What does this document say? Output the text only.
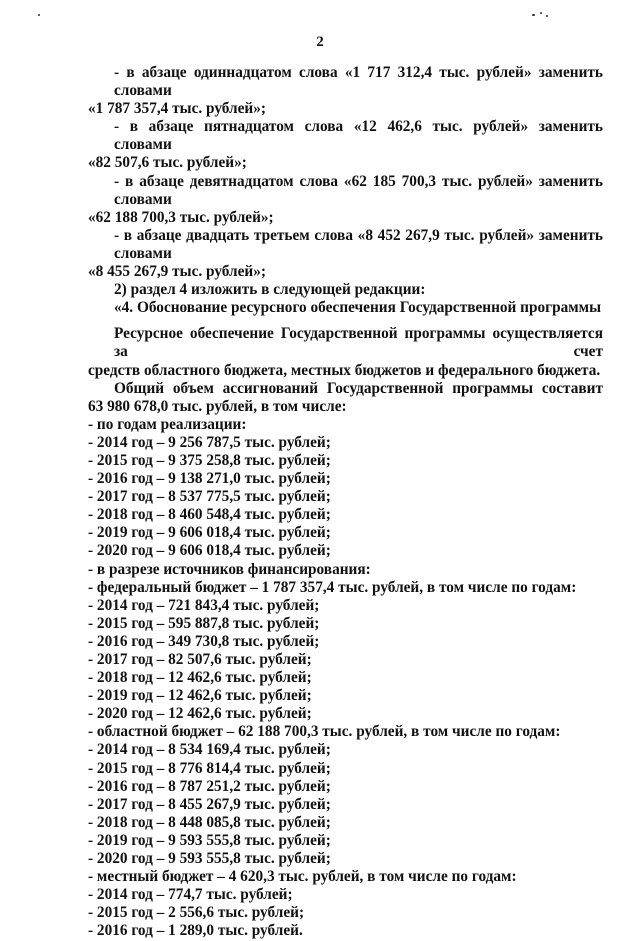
2
- в абзаце одиннадцатом слова «1 717 312,4 тыс. рублей» заменить словами
«1 787 357,4 тыс. рублей»;
- в абзаце пятнадцатом слова «12 462,6 тыс. рублей» заменить словами
«82 507,6 тыс. рублей»;
- в абзаце девятнадцатом слова «62 185 700,3 тыс. рублей» заменить словами
«62 188 700,3 тыс. рублей»;
- в абзаце двадцать третьем слова «8 452 267,9 тыс. рублей» заменить словами
«8 455 267,9 тыс. рублей»;
2) раздел 4 изложить в следующей редакции:
«4. Обоснование ресурсного обеспечения Государственной программы
Ресурсное обеспечение Государственной программы осуществляется за счет
средств областного бюджета, местных бюджетов и федерального бюджета.
Общий объем ассигнований Государственной программы составит
63 980 678,0 тыс. рублей, в том числе:
- по годам реализации:
- 2014 год – 9 256 787,5 тыс. рублей;
- 2015 год – 9 375 258,8 тыс. рублей;
- 2016 год – 9 138 271,0 тыс. рублей;
- 2017 год – 8 537 775,5 тыс. рублей;
- 2018 год – 8 460 548,4 тыс. рублей;
- 2019 год – 9 606 018,4 тыс. рублей;
- 2020 год – 9 606 018,4 тыс. рублей;
- в разрезе источников финансирования:
- федеральный бюджет – 1 787 357,4 тыс. рублей, в том числе по годам:
- 2014 год – 721 843,4 тыс. рублей;
- 2015 год – 595 887,8 тыс. рублей;
- 2016 год – 349 730,8 тыс. рублей;
- 2017 год – 82 507,6 тыс. рублей;
- 2018 год – 12 462,6 тыс. рублей;
- 2019 год – 12 462,6 тыс. рублей;
- 2020 год – 12 462,6 тыс. рублей;
- областной бюджет – 62 188 700,3 тыс. рублей, в том числе по годам:
- 2014 год – 8 534 169,4 тыс. рублей;
- 2015 год – 8 776 814,4 тыс. рублей;
- 2016 год – 8 787 251,2 тыс. рублей;
- 2017 год – 8 455 267,9 тыс. рублей;
- 2018 год – 8 448 085,8 тыс. рублей;
- 2019 год – 9 593 555,8 тыс. рублей;
- 2020 год – 9 593 555,8 тыс. рублей;
- местный бюджет – 4 620,3 тыс. рублей, в том числе по годам:
- 2014 год – 774,7 тыс. рублей;
- 2015 год – 2 556,6 тыс. рублей;
- 2016 год – 1 289,0 тыс. рублей.
